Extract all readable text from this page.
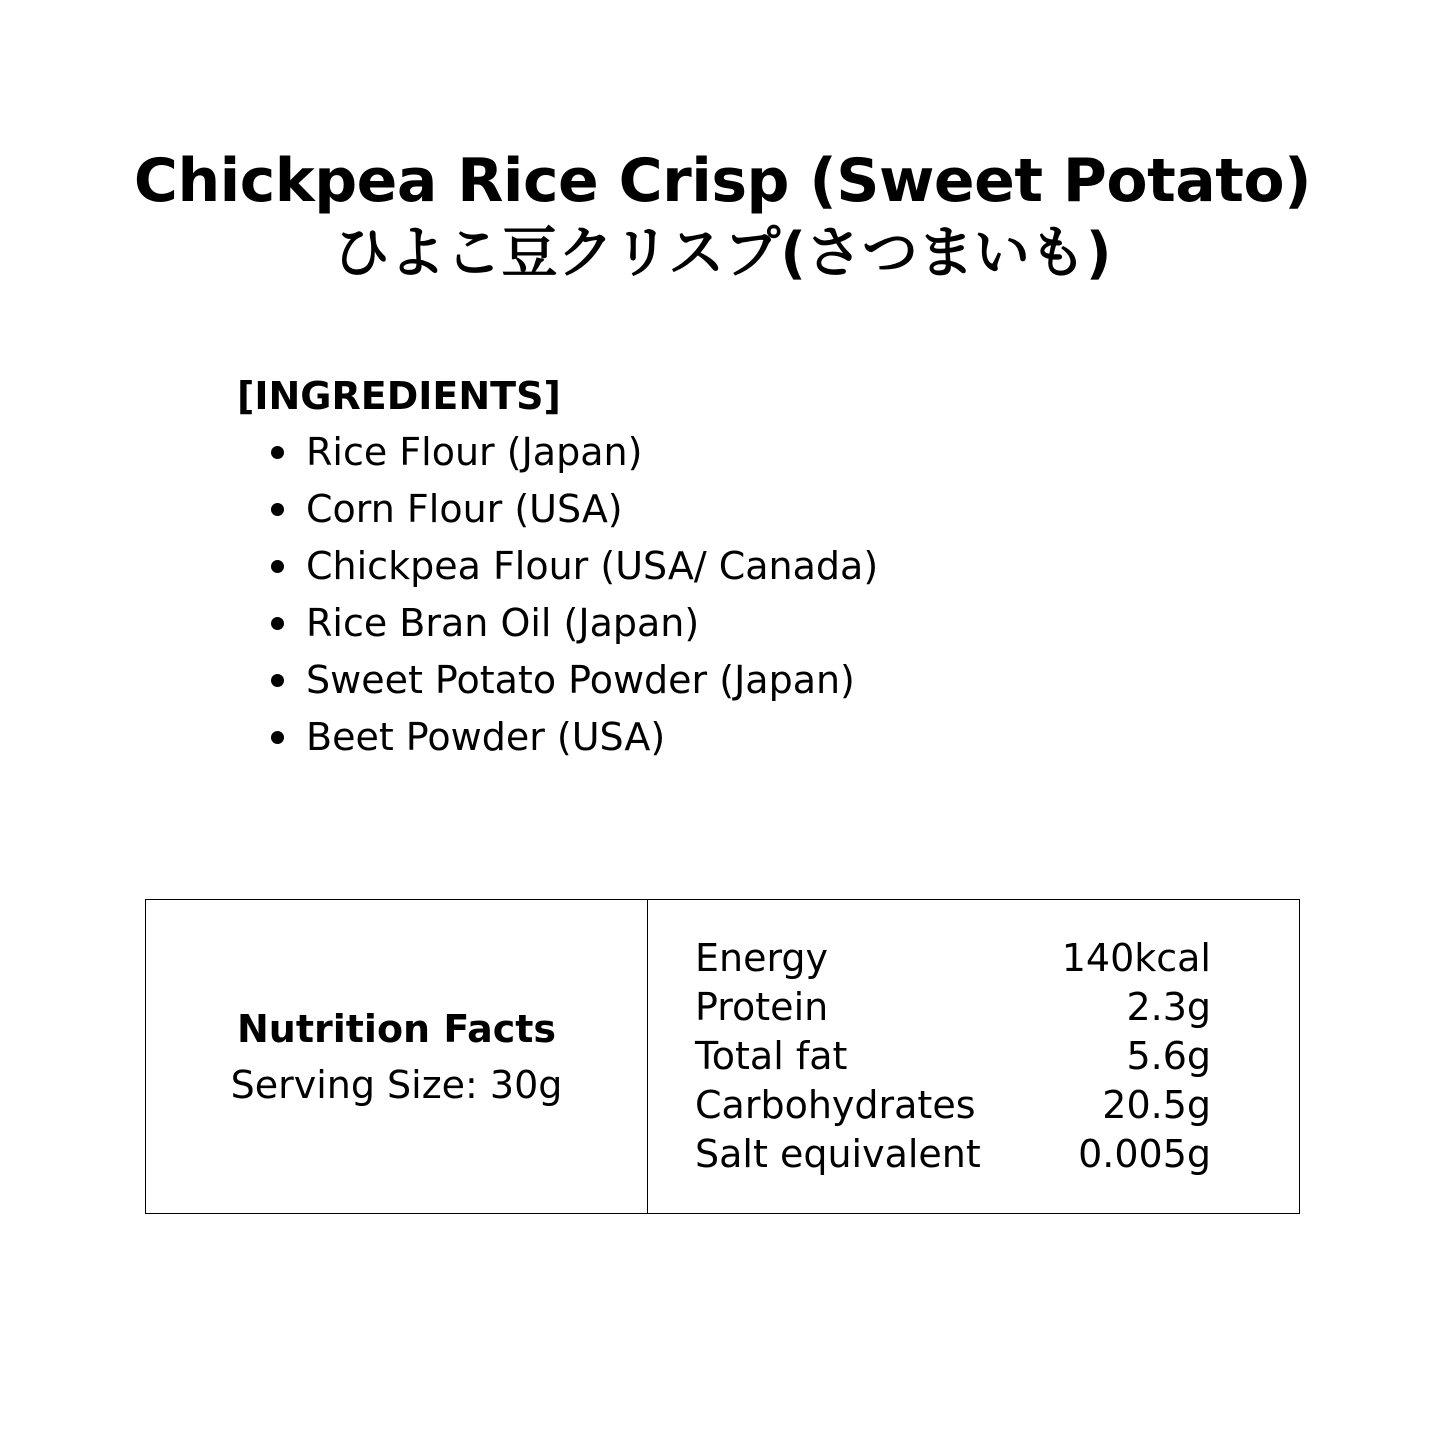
Chickpea Rice Crisp (Sweet Potato)
ひよこ豆クリスプ(さつまいも)
[INGREDIENTS]
Rice Flour (Japan)
Corn Flour (USA)
Chickpea Flour (USA/ Canada)
Rice Bran Oil (Japan)
Sweet Potato Powder (Japan)
Beet Powder (USA)
Nutrition Facts
Serving Size: 30g
Energy	140kcal
Protein	2.3g
Total fat	5.6g
Carbohydrates	20.5g
Salt equivalent	0.005g
